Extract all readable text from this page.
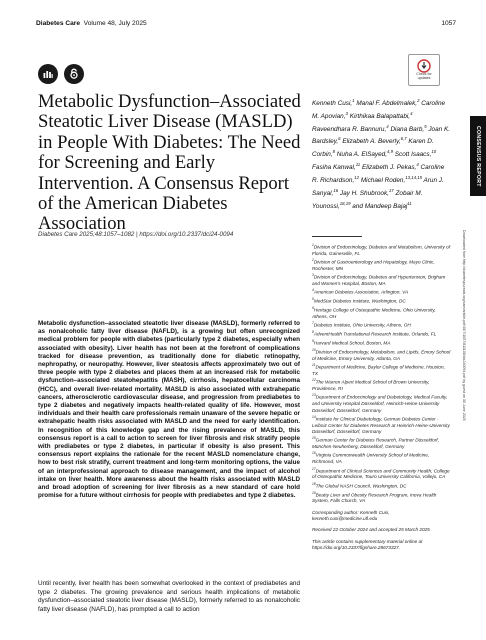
Diabetes Care Volume 48, July 2025	1057
Check for
updates
CONSENSUS REPORT
Downloaded from http://diabetesjournals.org/care/article-pdf/48/7/1057/811108/dci240094.pdf by guest on 30 June 2025
Metabolic Dysfunction–Associated Steatotic Liver Disease (MASLD) in People With Diabetes: The Need for Screening and Early Intervention. A Consensus Report of the American Diabetes Association
Diabetes Care 2025;48:1057–1082 | https://doi.org/10.2337/dci24-0094
Kenneth Cusi,$^1$ Manal F. Abdelmalek,$^2$ Caroline M. Apovian,$^3$ Kirthikaa Balapattabi,$^4$ Raveendhara R. Bannuru,$^4$ Diana Barb,$^5$ Joan K. Bardsley,$^6$ Elizabeth A. Beverly,$^{6,7}$ Karen D. Corbin,$^8$ Nuha A. ElSayed,$^{4,9}$ Scott Isaacs,$^{10}$ Fasiha Kanwal,$^{11}$ Elizabeth J. Pekas,$^4$ Caroline R. Richardson,$^{12}$ Michael Roden,$^{13,14,15}$ Arun J. Sanyal,$^{16}$ Jay H. Shubrook,$^{17}$ Zobair M. Younossi,$^{18,19}$ and Mandeep Bajaj$^{11}$

$^1$Division of Endocrinology, Diabetes and Metabolism, University of Florida, Gainesville, FL

$^2$Division of Gastroenterology and Hepatology, Mayo Clinic, Rochester, MN

$^3$Division of Endocrinology, Diabetes and Hypertension, Brigham and Women's Hospital, Boston, MA

$^4$American Diabetes Association, Arlington, VA

$^5$MedStar Diabetes Institute, Washington, DC

$^6$Heritage College of Osteopathic Medicine, Ohio University, Athens, OH

$^7$Diabetes Institute, Ohio University, Athens, OH

$^8$AdventHealth Translational Research Institute, Orlando, FL

$^9$Harvard Medical School, Boston, MA

$^{10}$Division of Endocrinology, Metabolism, and Lipids, Emory School of Medicine, Emory University, Atlanta, GA

$^{11}$Department of Medicine, Baylor College of Medicine, Houston, TX

$^{12}$The Warren Alpert Medical School of Brown University, Providence, RI

$^{13}$Department of Endocrinology and Diabetology, Medical Faculty, and University Hospital Düsseldorf, Heinrich-Heine-University Düsseldorf, Düsseldorf, Germany

$^{14}$Institute for Clinical Diabetology, German Diabetes Center - Leibniz Center for Diabetes Research at Heinrich-Heine-University Düsseldorf, Düsseldorf, Germany

$^{15}$German Center for Diabetes Research, Partner Düsseldorf, München-Neuherberg, Düsseldorf, Germany

$^{16}$Virginia Commonwealth University School of Medicine, Richmond, VA

$^{17}$Department of Clinical Sciences and Community Health, College of Osteopathic Medicine, Touro University California, Vallejo, CA

$^{18}$The Global NASH Council, Washington, DC

$^{19}$Beatty Liver and Obesity Research Program, Inova Health System, Falls Church, VA

Corresponding author: Kenneth Cusi, kenneth.cusi@medicine.ufl.edu

Received 22 October 2024 and accepted 25 March 2025

This article contains supplementary material online at https://doi.org/10.2337/figshare.28673327.

Metabolic dysfunction–associated steatotic liver disease (MASLD), formerly referred to as nonalcoholic fatty liver disease (NAFLD), is a growing but often unrecognized medical problem for people with diabetes (particularly type 2 diabetes, especially when associated with obesity). Liver health has not been at the forefront of complications tracked for disease prevention, as traditionally done for diabetic retinopathy, nephropathy, or neuropathy. However, liver steatosis affects approximately two out of three people with type 2 diabetes and places them at an increased risk for metabolic dysfunction–associated steatohepatitis (MASH), cirrhosis, hepatocellular carcinoma (HCC), and overall liver-related mortality. MASLD is also associated with extrahepatic cancers, atherosclerotic cardiovascular disease, and progression from prediabetes to type 2 diabetes and negatively impacts health-related quality of life. However, most individuals and their health care professionals remain unaware of the severe hepatic or extrahepatic health risks associated with MASLD and the need for early identification. In recognition of this knowledge gap and the rising prevalence of MASLD, this consensus report is a call to action to screen for liver fibrosis and risk stratify people with prediabetes or type 2 diabetes, in particular if obesity is also present. This consensus report explains the rationale for the recent MASLD nomenclature change, how to best risk stratify, current treatment and long-term monitoring options, the value of an interprofessional approach to disease management, and the impact of alcohol intake on liver health. More awareness about the health risks associated with MASLD and broad adoption of screening for liver fibrosis as a new standard of care hold promise for a future without cirrhosis for people with prediabetes and type 2 diabetes.

Until recently, liver health has been somewhat overlooked in the context of prediabetes and type 2 diabetes. The growing prevalence and serious health implications of metabolic dysfunction–associated steatotic liver disease (MASLD), formerly referred to as nonalcoholic fatty liver disease (NAFLD), has prompted a call to action
